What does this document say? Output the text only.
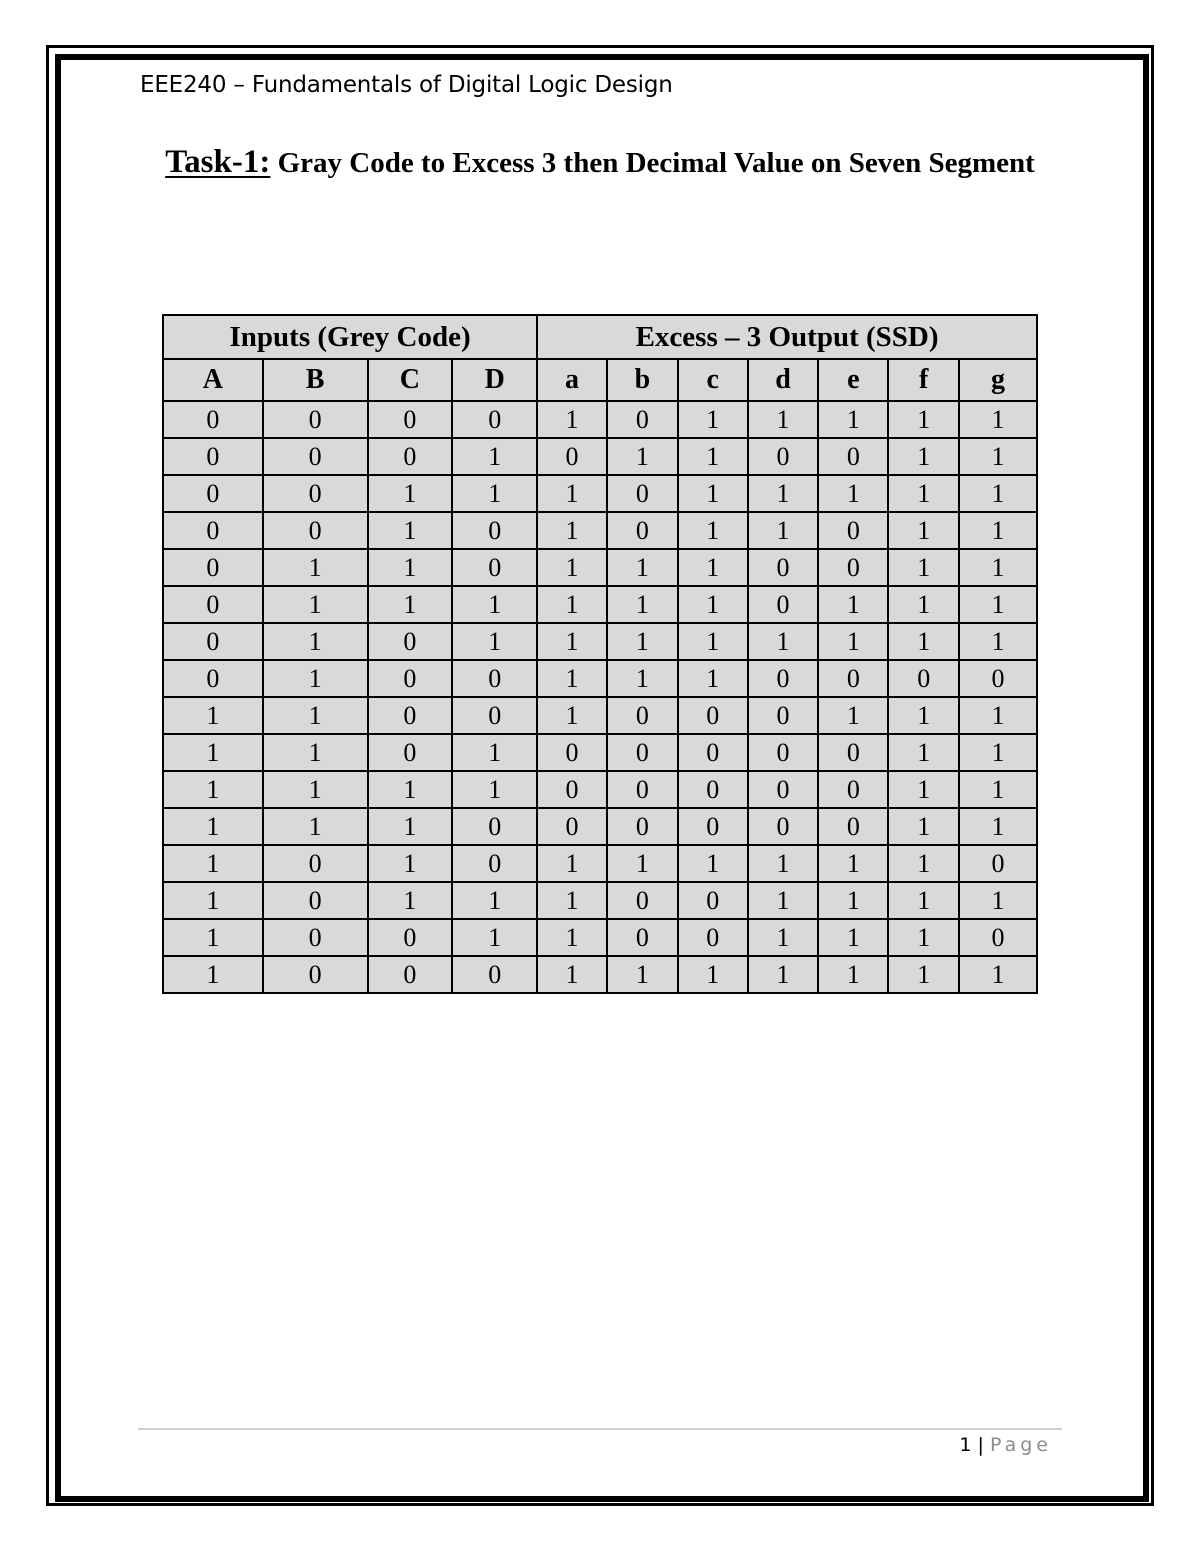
EEE240 – Fundamentals of Digital Logic Design
Task-1: Gray Code to Excess 3 then Decimal Value on Seven Segment
Inputs (Grey Code)				Excess – 3 Output (SSD)						
A	B	C	D	a	b	c	d	e	f	g
0	0	0	0	1	0	1	1	1	1	1
0	0	0	1	0	1	1	0	0	1	1
0	0	1	1	1	0	1	1	1	1	1
0	0	1	0	1	0	1	1	0	1	1
0	1	1	0	1	1	1	0	0	1	1
0	1	1	1	1	1	1	0	1	1	1
0	1	0	1	1	1	1	1	1	1	1
0	1	0	0	1	1	1	0	0	0	0
1	1	0	0	1	0	0	0	1	1	1
1	1	0	1	0	0	0	0	0	1	1
1	1	1	1	0	0	0	0	0	1	1
1	1	1	0	0	0	0	0	0	1	1
1	0	1	0	1	1	1	1	1	1	0
1	0	1	1	1	0	0	1	1	1	1
1	0	0	1	1	0	0	1	1	1	0
1	0	0	0	1	1	1	1	1	1	1
1 | Page
